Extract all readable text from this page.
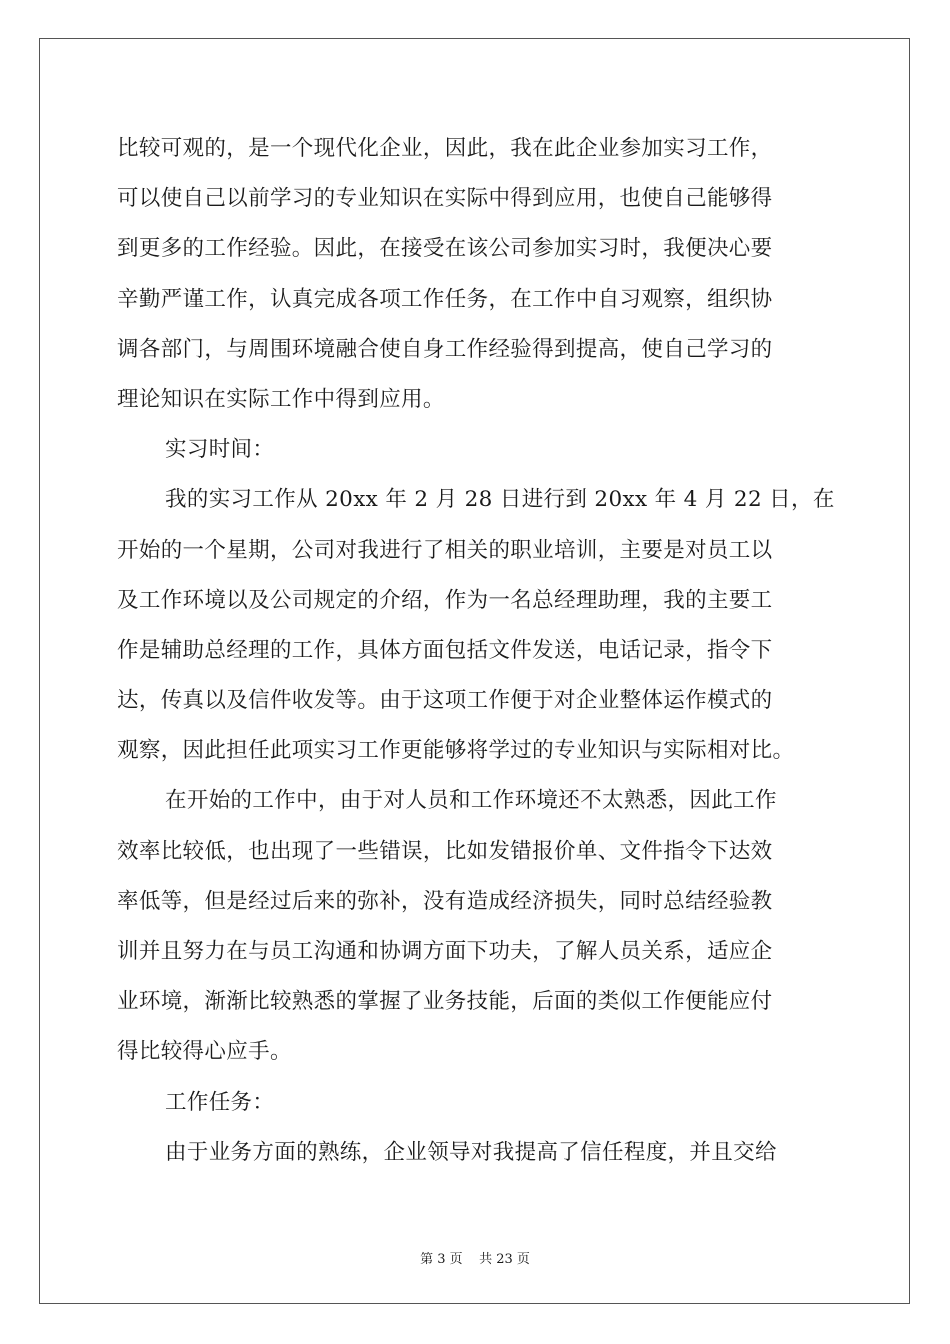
比较可观的，是一个现代化企业，因此，我在此企业参加实习工作，
可以使自己以前学习的专业知识在实际中得到应用，也使自己能够得
到更多的工作经验。因此，在接受在该公司参加实习时，我便决心要
辛勤严谨工作，认真完成各项工作任务，在工作中自习观察，组织协
调各部门，与周围环境融合使自身工作经验得到提高，使自己学习的
理论知识在实际工作中得到应用。
实习时间：
我的实习工作从 20xx 年 2 月 28 日进行到 20xx 年 4 月 22 日，在
开始的一个星期，公司对我进行了相关的职业培训，主要是对员工以
及工作环境以及公司规定的介绍，作为一名总经理助理，我的主要工
作是辅助总经理的工作，具体方面包括文件发送，电话记录，指令下
达，传真以及信件收发等。由于这项工作便于对企业整体运作模式的
观察，因此担任此项实习工作更能够将学过的专业知识与实际相对比。
在开始的工作中，由于对人员和工作环境还不太熟悉，因此工作
效率比较低，也出现了一些错误，比如发错报价单、文件指令下达效
率低等，但是经过后来的弥补，没有造成经济损失，同时总结经验教
训并且努力在与员工沟通和协调方面下功夫，了解人员关系，适应企
业环境，渐渐比较熟悉的掌握了业务技能，后面的类似工作便能应付
得比较得心应手。
工作任务：
由于业务方面的熟练，企业领导对我提高了信任程度，并且交给
第 3 页    共 23 页
